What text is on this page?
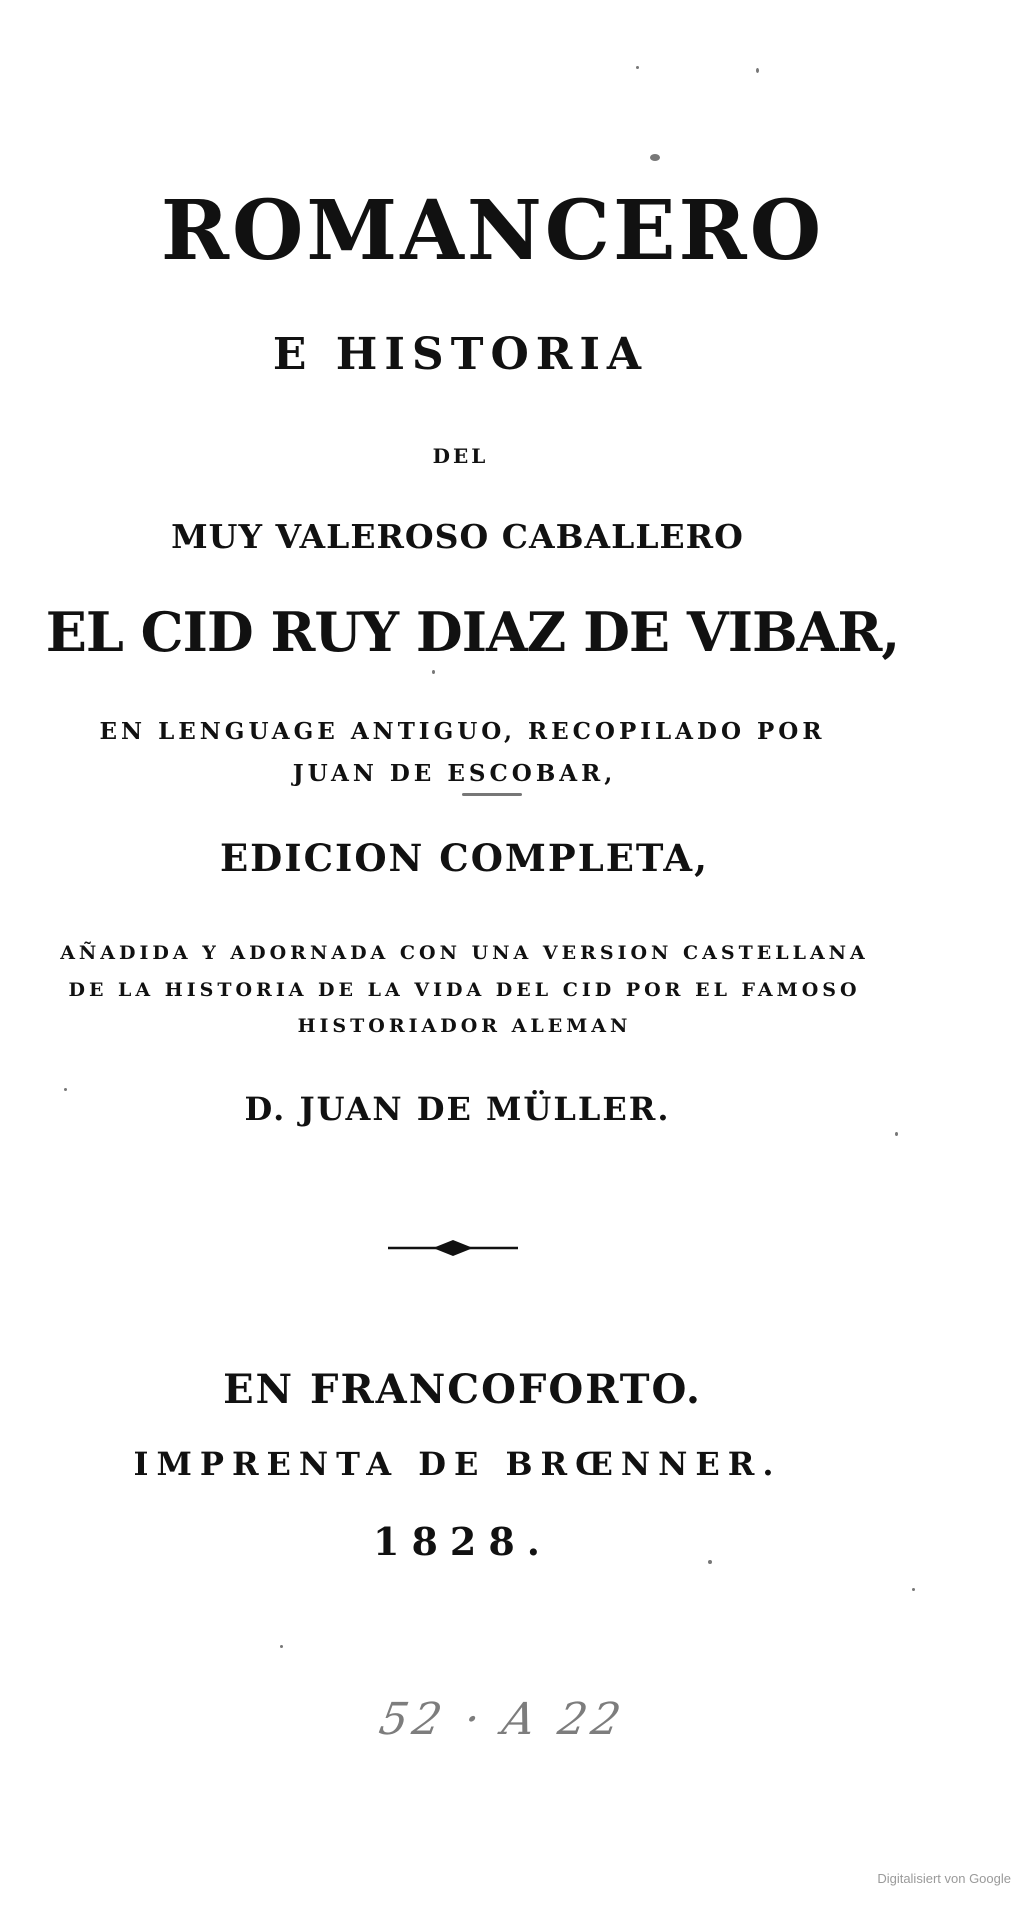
ROMANCERO
E HISTORIA
DEL
MUY VALEROSO CABALLERO
EL CID RUY DIAZ DE VIBAR,
EN LENGUAGE ANTIGUO, RECOPILADO POR
JUAN DE ESCOBAR,
EDICION COMPLETA,
AÑADIDA Y ADORNADA CON UNA VERSION CASTELLANA
DE LA HISTORIA DE LA VIDA DEL CID POR EL FAMOSO
HISTORIADOR ALEMAN
D. JUAN DE MÜLLER.
EN FRANCOFORTO.
IMPRENTA DE BRŒNNER.
1828.
52 · A 22
Digitalisiert von Google
